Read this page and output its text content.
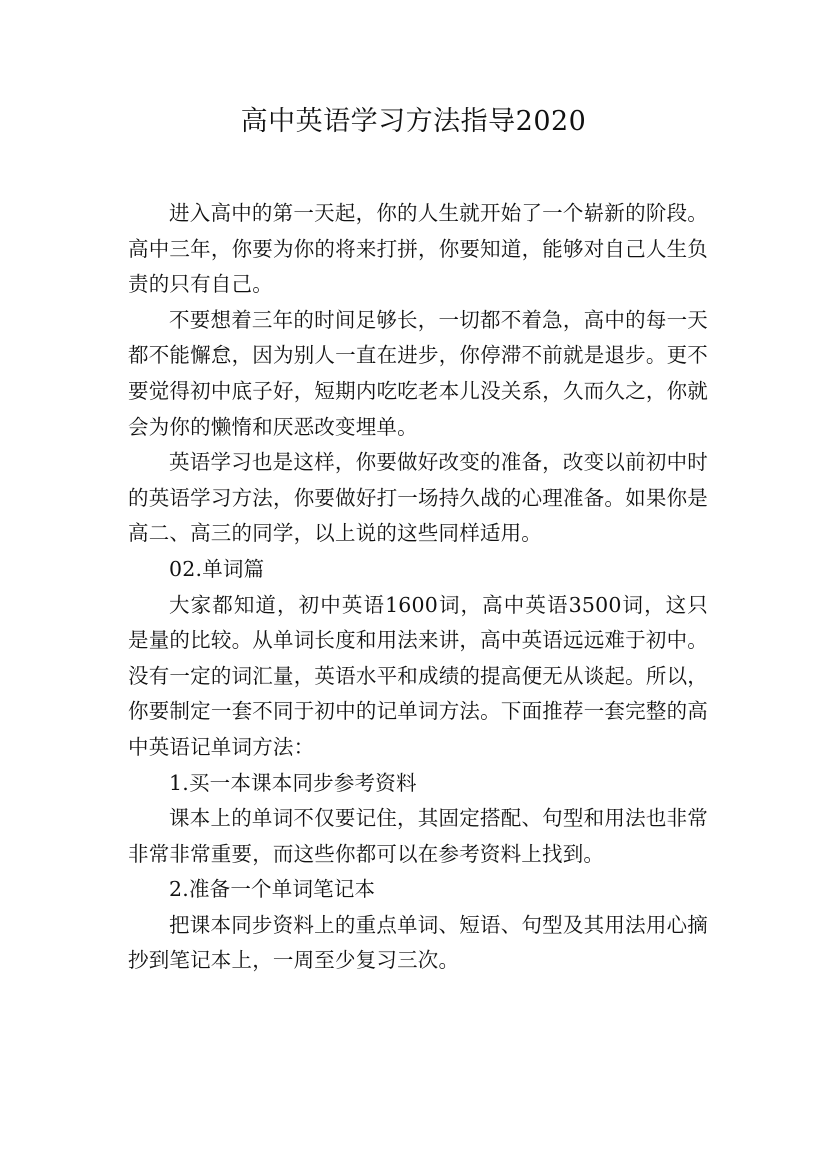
高中英语学习方法指导2020

进入高中的第一天起，你的人生就开始了一个崭新的阶段。高中三年，你要为你的将来打拼，你要知道，能够对自己人生负责的只有自己。

不要想着三年的时间足够长，一切都不着急，高中的每一天都不能懈怠，因为别人一直在进步，你停滞不前就是退步。更不要觉得初中底子好，短期内吃吃老本儿没关系，久而久之，你就会为你的懒惰和厌恶改变埋单。

英语学习也是这样，你要做好改变的准备，改变以前初中时的英语学习方法，你要做好打一场持久战的心理准备。如果你是高二、高三的同学，以上说的这些同样适用。

02.单词篇

大家都知道，初中英语1600词，高中英语3500词，这只是量的比较。从单词长度和用法来讲，高中英语远远难于初中。没有一定的词汇量，英语水平和成绩的提高便无从谈起。所以，你要制定一套不同于初中的记单词方法。下面推荐一套完整的高中英语记单词方法：

1.买一本课本同步参考资料

课本上的单词不仅要记住，其固定搭配、句型和用法也非常非常非常重要，而这些你都可以在参考资料上找到。

2.准备一个单词笔记本

把课本同步资料上的重点单词、短语、句型及其用法用心摘抄到笔记本上，一周至少复习三次。
